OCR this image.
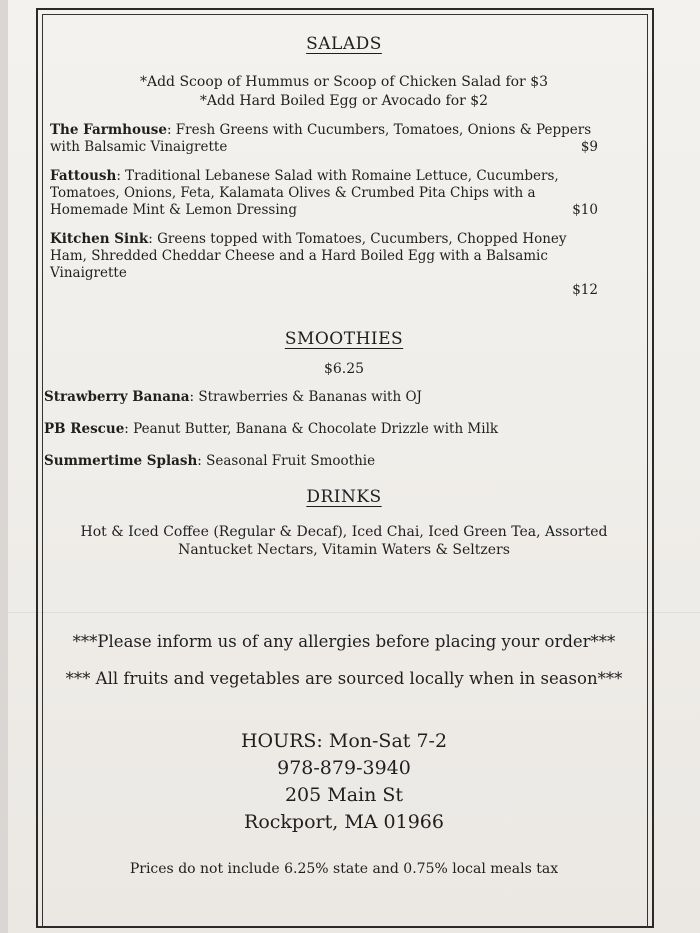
SALADS
*Add Scoop of Hummus or Scoop of Chicken Salad for $3
*Add Hard Boiled Egg or Avocado for $2
The Farmhouse: Fresh Greens with Cucumbers, Tomatoes, Onions & Peppers with Balsamic Vinaigrette	$9
Fattoush: Traditional Lebanese Salad with Romaine Lettuce, Cucumbers, Tomatoes, Onions, Feta, Kalamata Olives & Crumbed Pita Chips with a Homemade Mint & Lemon Dressing	$10
Kitchen Sink: Greens topped with Tomatoes, Cucumbers, Chopped Honey Ham, Shredded Cheddar Cheese and a Hard Boiled Egg with a Balsamic Vinaigrette
$12
SMOOTHIES
$6.25
Strawberry Banana: Strawberries & Bananas with OJ
PB Rescue: Peanut Butter, Banana & Chocolate Drizzle with Milk
Summertime Splash: Seasonal Fruit Smoothie
DRINKS
Hot & Iced Coffee (Regular & Decaf), Iced Chai, Iced Green Tea, Assorted
Nantucket Nectars, Vitamin Waters & Seltzers
***Please inform us of any allergies before placing your order***
*** All fruits and vegetables are sourced locally when in season***
HOURS: Mon-Sat 7-2
978-879-3940
205 Main St
Rockport, MA 01966
Prices do not include 6.25% state and 0.75% local meals tax
